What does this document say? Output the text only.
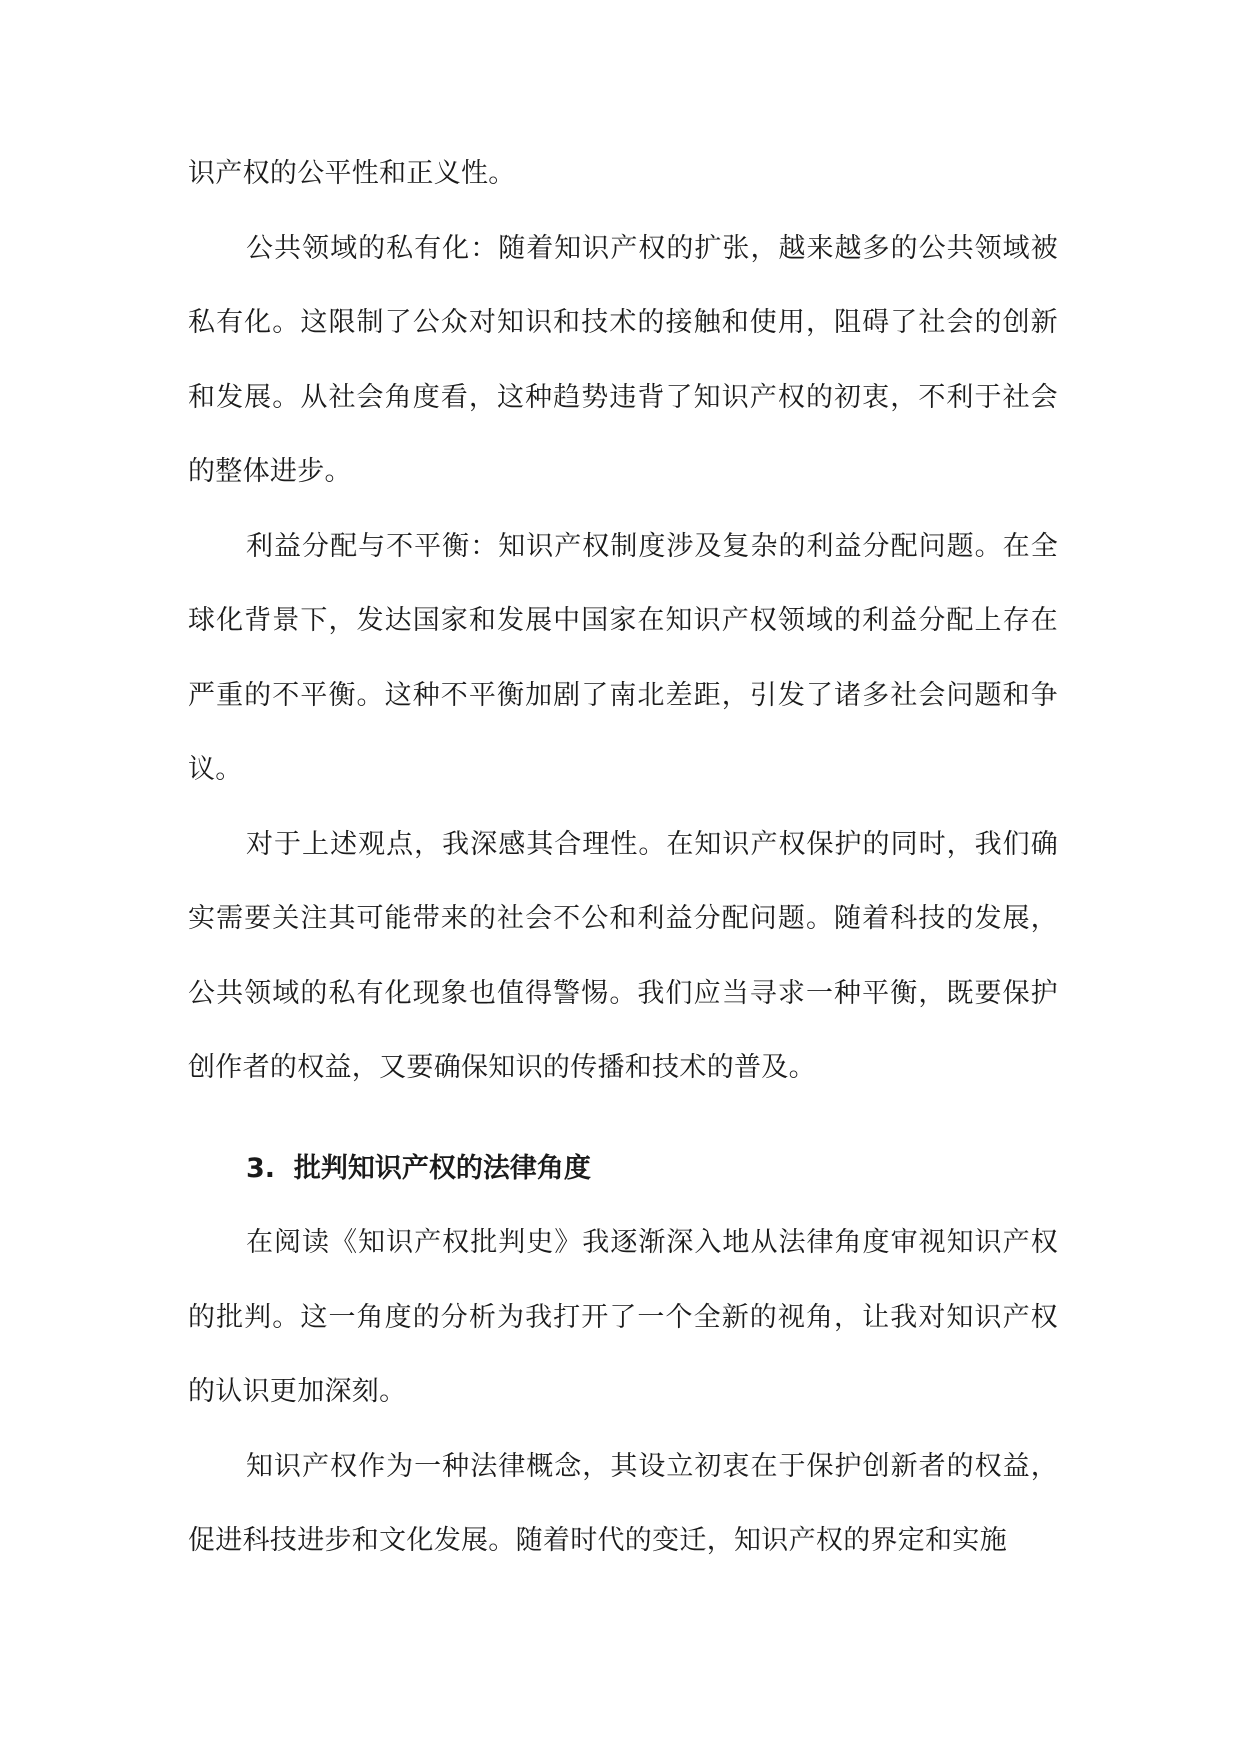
识产权的公平性和正义性。

公共领域的私有化：随着知识产权的扩张，越来越多的公共领域被私有化。这限制了公众对知识和技术的接触和使用，阻碍了社会的创新和发展。从社会角度看，这种趋势违背了知识产权的初衷，不利于社会的整体进步。

利益分配与不平衡：知识产权制度涉及复杂的利益分配问题。在全球化背景下，发达国家和发展中国家在知识产权领域的利益分配上存在严重的不平衡。这种不平衡加剧了南北差距，引发了诸多社会问题和争议。

对于上述观点，我深感其合理性。在知识产权保护的同时，我们确实需要关注其可能带来的社会不公和利益分配问题。随着科技的发展，公共领域的私有化现象也值得警惕。我们应当寻求一种平衡，既要保护创作者的权益，又要确保知识的传播和技术的普及。

3. 批判知识产权的法律角度

在阅读《知识产权批判史》我逐渐深入地从法律角度审视知识产权的批判。这一角度的分析为我打开了一个全新的视角，让我对知识产权的认识更加深刻。

知识产权作为一种法律概念，其设立初衷在于保护创新者的权益，促进科技进步和文化发展。随着时代的变迁，知识产权的界定和实施
